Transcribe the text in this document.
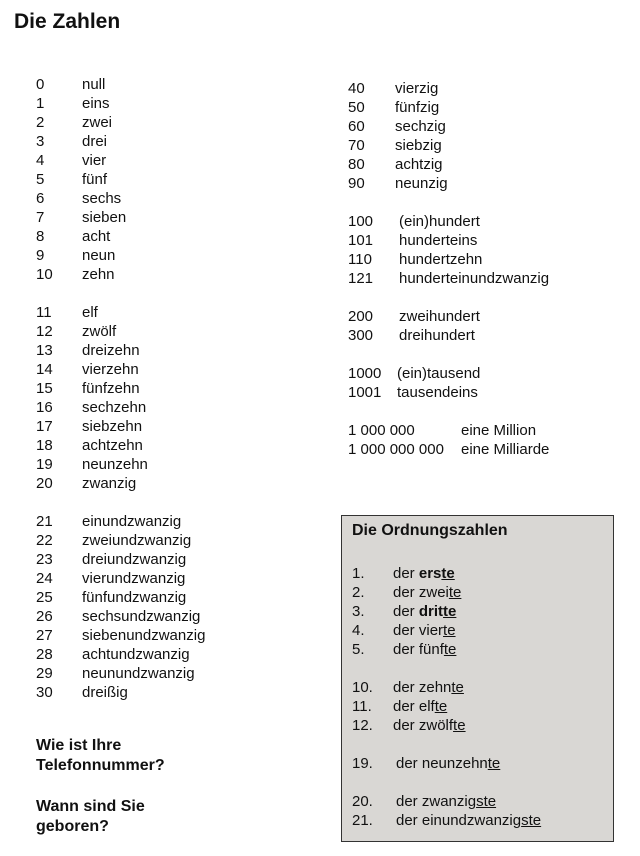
Die Zahlen
0	null
1	eins
2	zwei
3	drei
4	vier
5	fünf
6	sechs
7	sieben
8	acht
9	neun
10 zehn
11 elf
12 zwölf
13 dreizehn
14 vierzehn
15 fünfzehn
16 sechzehn
17 siebzehn
18 achtzehn
19 neunzehn
20 zwanzig
21 einundzwanzig
22 zweiundzwanzig
23 dreiundzwanzig
24 vierundzwanzig
25 fünfundzwanzig
26 sechsundzwanzig
27 siebenundzwanzig
28 achtundzwanzig
29 neunundzwanzig
30 dreißig
40 vierzig
50 fünfzig
60 sechzig
70 siebzig
80 achtzig
90 neunzig
100 (ein)hundert
101 hunderteins
110 hundertzehn
121 hunderteinundzwanzig
200 zweihundert
300 dreihundert
1000 (ein)tausend
1001 tausendeins
1 000 000	eine Million
1 000 000 000 eine Milliarde
Wie ist Ihre
Telefonnummer?
Wann sind Sie
geboren?
Die Ordnungszahlen
1. der erste
2. der zweite
3. der dritte
4. der vierte
5. der fünfte
10. der zehnte
11. der elfte
12. der zwölfte
19. der neunzehnte
20. der zwanzigste
21. der einundzwanzigste
